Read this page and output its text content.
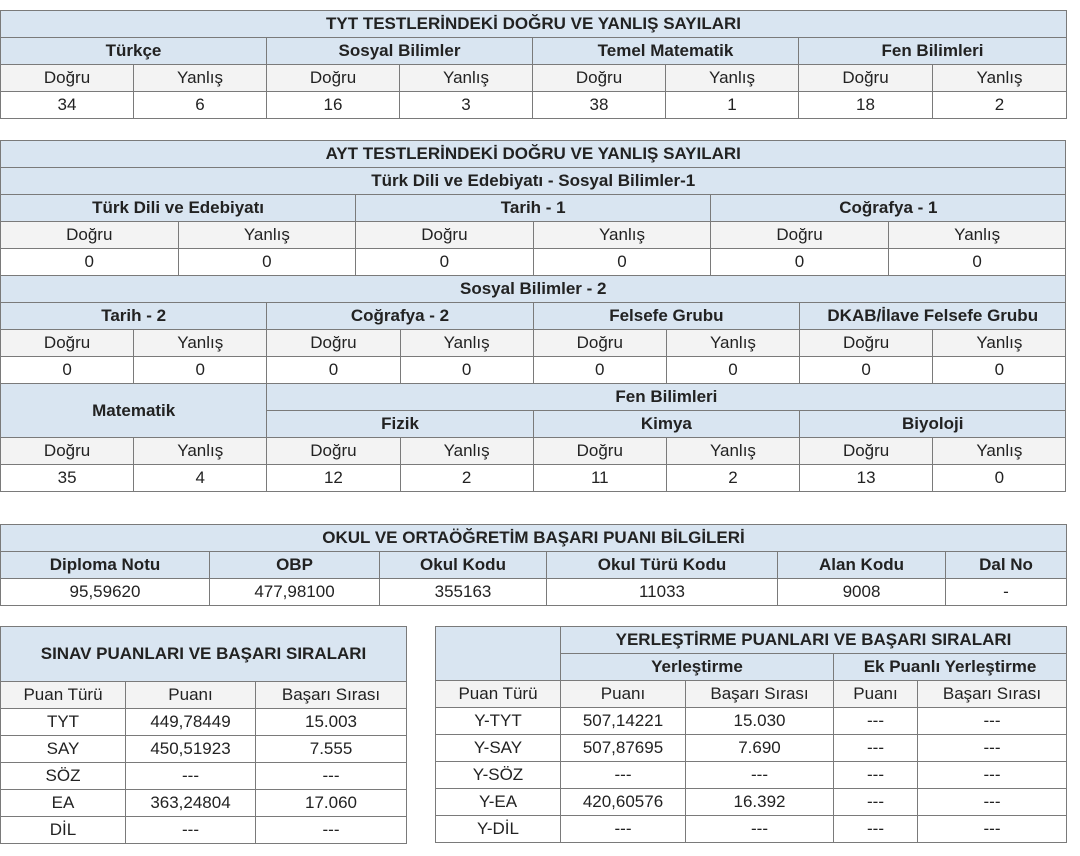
TYT TESTLERİNDEKİ DOĞRU VE YANLIŞ SAYILARI							
Türkçe		Sosyal Bilimler		Temel Matematik		Fen Bilimleri	
Doğru	Yanlış	Doğru	Yanlış	Doğru	Yanlış	Doğru	Yanlış
34	6	16	3	38	1	18	2
AYT TESTLERİNDEKİ DOĞRU VE YANLIŞ SAYILARI											
Türk Dili ve Edebiyatı - Sosyal Bilimler-1											
Türk Dili ve Edebiyatı				Tarih - 1				Coğrafya - 1			
Doğru		Yanlış		Doğru		Yanlış		Doğru		Yanlış	
0		0		0		0		0		0	
Sosyal Bilimler - 2											
Tarih - 2			Coğrafya - 2			Felsefe Grubu			DKAB/İlave Felsefe Grubu		
Doğru	Yanlış		Doğru		Yanlış	Doğru	Yanlış		Doğru		Yanlış
0	0		0		0	0	0		0		0
Matematik			Fen Bilimleri								
			Fizik			Kimya			Biyoloji		
Doğru	Yanlış		Doğru		Yanlış	Doğru	Yanlış		Doğru		Yanlış
35	4		12		2	11	2		13		0
OKUL VE ORTAÖĞRETİM BAŞARI PUANI BİLGİLERİ					
Diploma Notu	OBP	Okul Kodu	Okul Türü Kodu	Alan Kodu	Dal No
95,59620	477,98100	355163	11033	9008	-
SINAV PUANLARI VE BAŞARI SIRALARI		
Puan Türü	Puanı	Başarı Sırası
TYT	449,78449	15.003
SAY	450,51923	7.555
SÖZ	---	---
EA	363,24804	17.060
DİL	---	---
	YERLEŞTİRME PUANLARI VE BAŞARI SIRALARI			
	Yerleştirme		Ek Puanlı Yerleştirme	
Puan Türü	Puanı	Başarı Sırası	Puanı	Başarı Sırası
Y-TYT	507,14221	15.030	---	---
Y-SAY	507,87695	7.690	---	---
Y-SÖZ	---	---	---	---
Y-EA	420,60576	16.392	---	---
Y-DİL	---	---	---	---
